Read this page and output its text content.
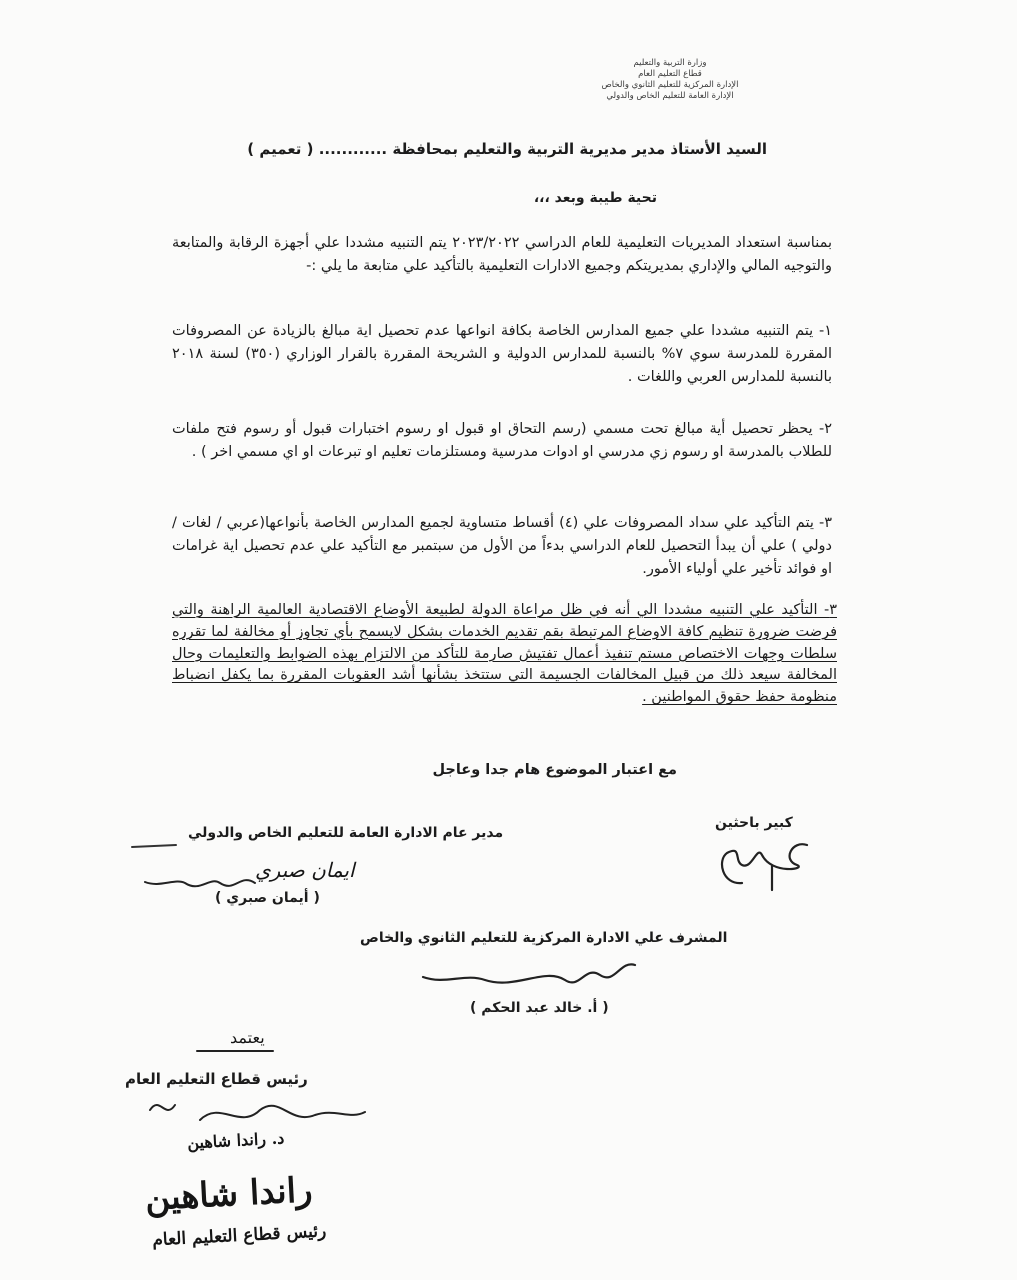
وزارة التربية والتعليم
قطاع التعليم العام
الإدارة المركزية للتعليم الثانوي والخاص
الإدارة العامة للتعليم الخاص والدولي
السيد الأستاذ مدير مديرية التربية والتعليم بمحافظة ............ ( تعميم )
تحية طيبة وبعد ،،،
بمناسبة استعداد المديريات التعليمية للعام الدراسي ٢٠٢٣/٢٠٢٢ يتم التنبيه مشددا علي أجهزة الرقابة والمتابعة والتوجيه المالي والإداري بمديريتكم وجميع الادارات التعليمية بالتأكيد علي متابعة ما يلي :-
١- يتم التنبيه مشددا علي جميع المدارس الخاصة بكافة انواعها عدم تحصيل اية مبالغ بالزيادة عن المصروفات المقررة للمدرسة سوي ٧% بالنسبة للمدارس الدولية و الشريحة المقررة بالقرار الوزاري (٣٥٠) لسنة ٢٠١٨ بالنسبة للمدارس العربي واللغات .
٢- يحظر تحصيل أية مبالغ تحت مسمي (رسم التحاق او قبول او رسوم اختبارات قبول أو رسوم فتح ملفات للطلاب بالمدرسة او رسوم زي مدرسي او ادوات مدرسية ومستلزمات تعليم او تبرعات او اي مسمي اخر ) .
٣- يتم التأكيد علي سداد المصروفات علي (٤) أقساط متساوية لجميع المدارس الخاصة بأنواعها(عربي / لغات / دولي ) علي أن يبدأ التحصيل للعام الدراسي بدءاً من الأول من سبتمبر مع التأكيد علي عدم تحصيل اية غرامات او فوائد تأخير علي أولياء الأمور.
٣- التأكيد علي التنبيه مشددا الي أنه في ظل مراعاة الدولة لطبيعة الأوضاع الاقتصادية العالمية الراهنة والتي فرضت ضرورة تنظيم كافة الاوضاع المرتبطة بقم تقديم الخدمات بشكل لايسمح بأي تجاوز أو مخالفة لما تقرره سلطات وجهات الاختصاص مستم تنفيذ أعمال تفتيش صارمة للتأكد من الالتزام بهذه الضوابط والتعليمات وحال المخالفة سيعد ذلك من قبيل المخالفات الجسيمة التي ستتخذ بشأنها أشد العقوبات المقررة بما يكفل انضباط منظومة حفظ حقوق المواطنين .
مع اعتبار الموضوع هام جدا وعاجل
كبير باحثين
مدير عام الادارة العامة للتعليم الخاص والدولي
ايمان صبري
( أيمان صبري )
المشرف علي الادارة المركزية للتعليم الثانوي والخاص
( أ. خالد عبد الحكم )
يعتمد
رئيس قطاع التعليم العام
د. راندا شاهين
راندا شاهين
رئيس قطاع التعليم العام
